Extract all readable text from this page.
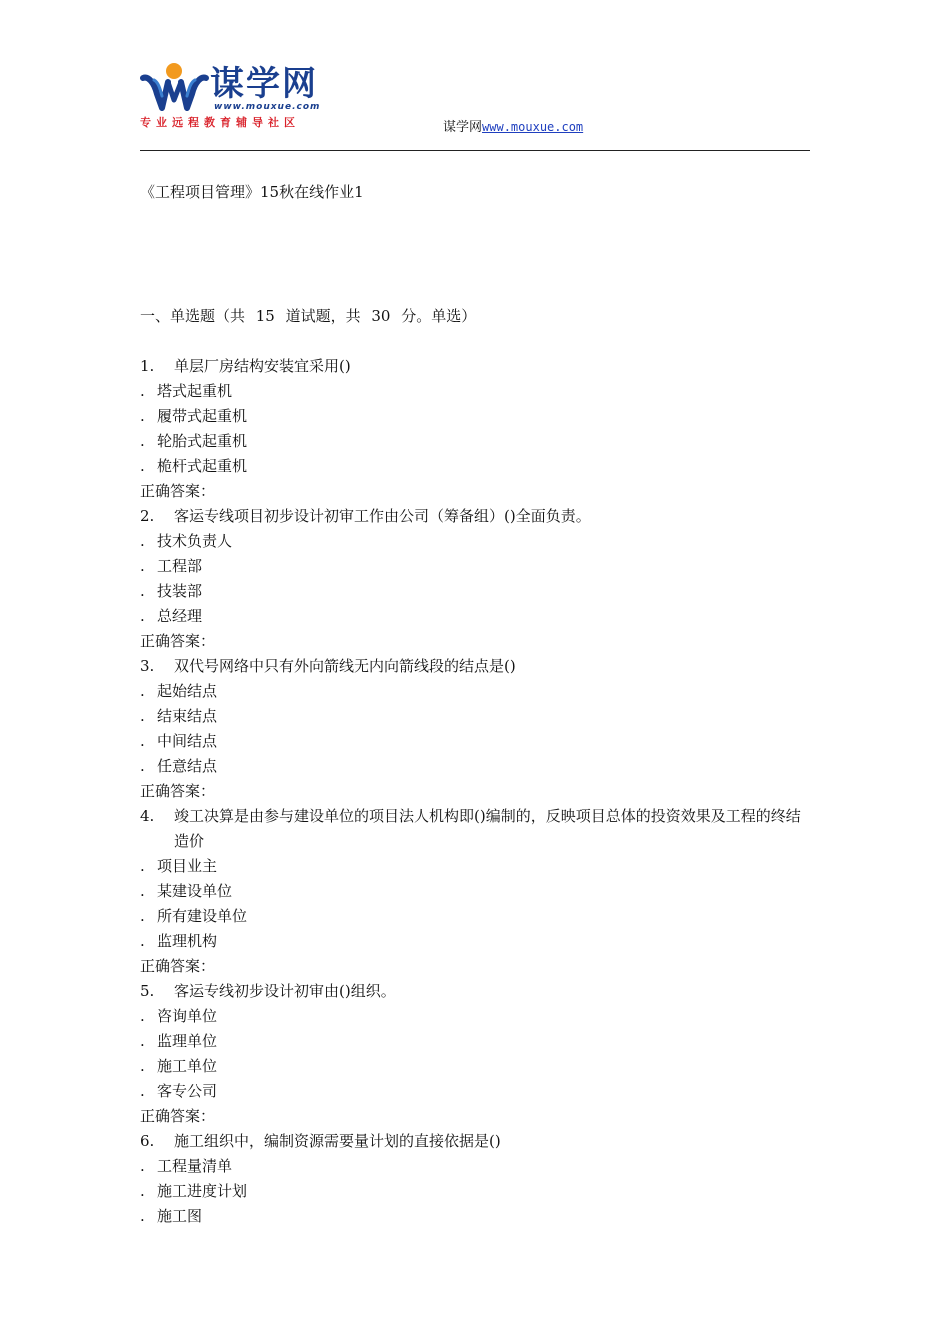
谋学网
www.mouxue.com
专业远程教育辅导社区	谋学网www.mouxue.com
《工程项目管理》15秋在线作业1
一、单选题（共 15 道试题，共 30 分。单选）
1.	单层厂房结构安装宜采用()
. 塔式起重机
. 履带式起重机
. 轮胎式起重机
. 桅杆式起重机
正确答案：
2.	客运专线项目初步设计初审工作由公司（筹备组）()全面负责。
. 技术负责人
. 工程部
. 技装部
. 总经理
正确答案：
3.	双代号网络中只有外向箭线无内向箭线段的结点是()
. 起始结点
. 结束结点
. 中间结点
. 任意结点
正确答案：
4.	竣工决算是由参与建设单位的项目法人机构即()编制的，反映项目总体的投资效果及工程的终结造价
. 项目业主
. 某建设单位
. 所有建设单位
. 监理机构
正确答案：
5.	客运专线初步设计初审由()组织。
. 咨询单位
. 监理单位
. 施工单位
. 客专公司
正确答案：
6.	施工组织中，编制资源需要量计划的直接依据是()
. 工程量清单
. 施工进度计划
. 施工图
